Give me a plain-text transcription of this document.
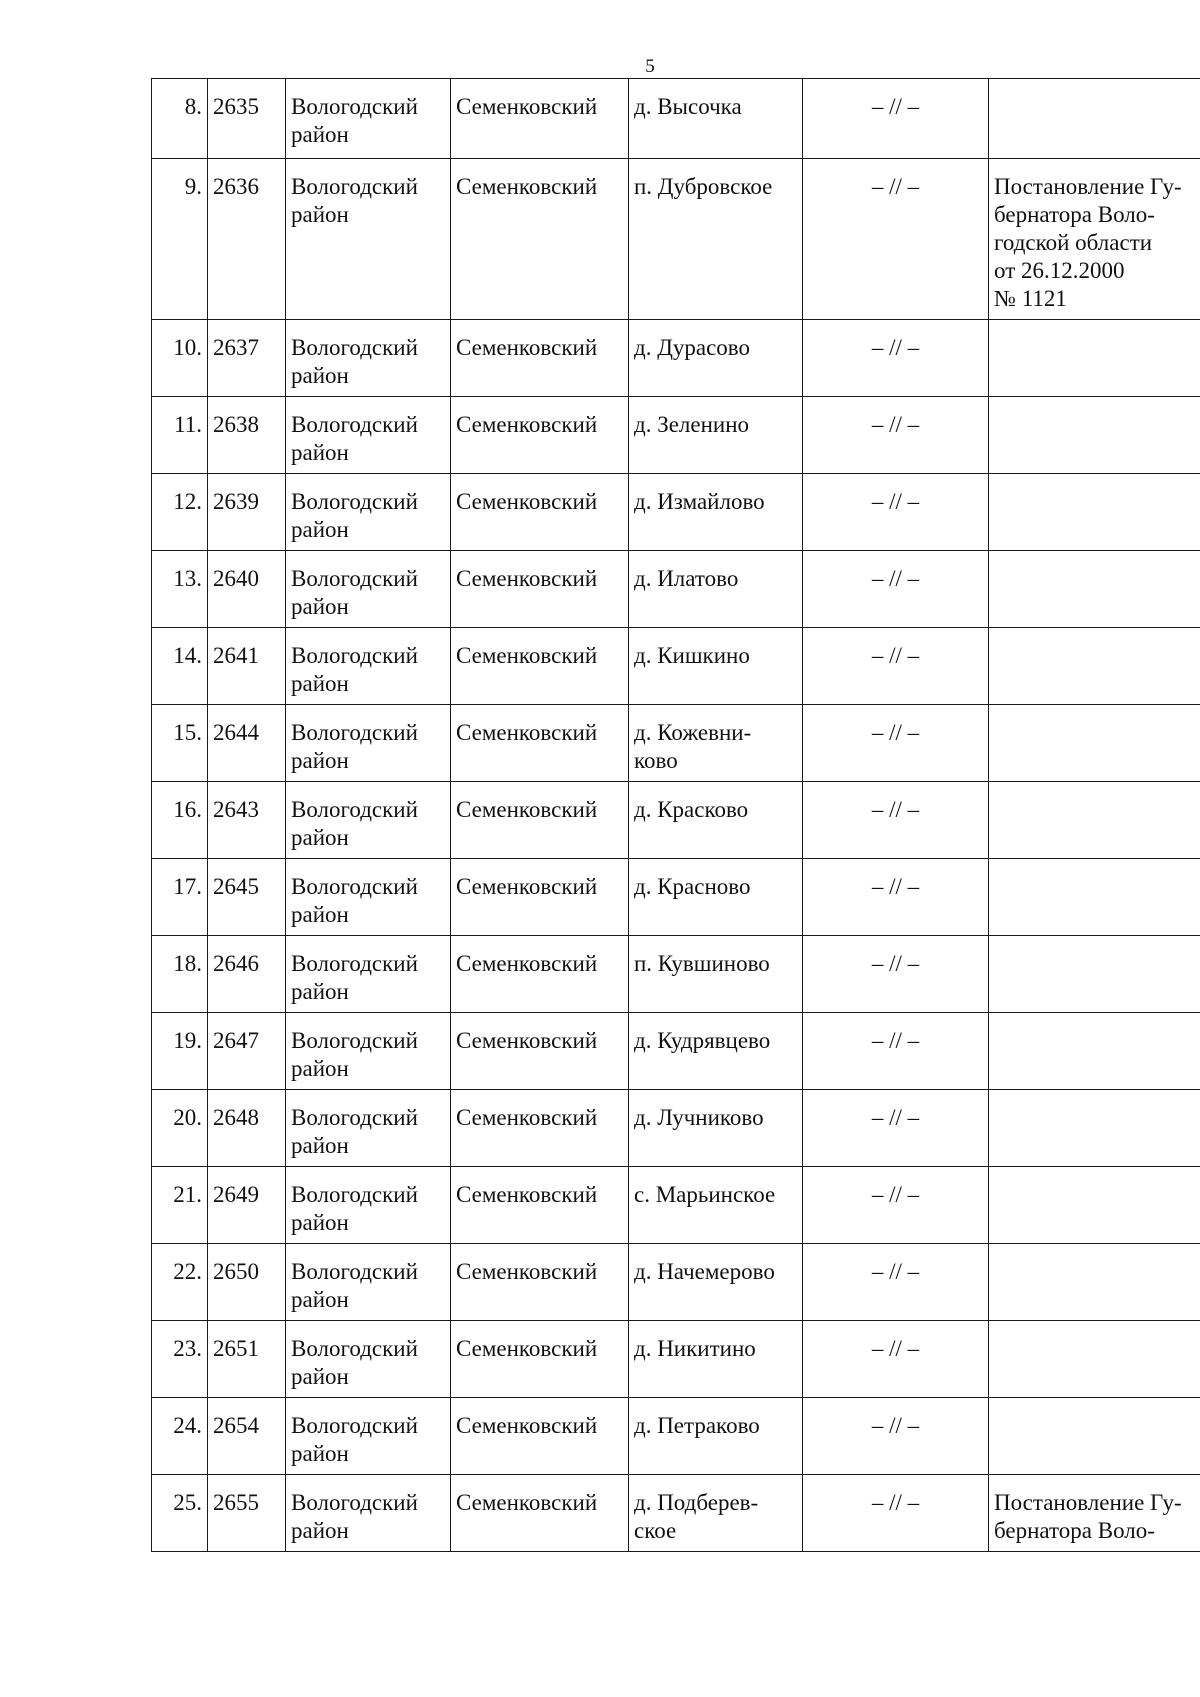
5
8.	2635	Вологодский
район	Семенковский	д. Высочка	– // –	

9.	2636	Вологодский
район	Семенковский	п. Дубровское	– // –	Постановление Гу-
бернатора Воло-
годской области
от 26.12.2000
№ 1121

10.	2637	Вологодский
район	Семенковский	д. Дурасово	– // –	

11.	2638	Вологодский
район	Семенковский	д. Зеленино	– // –	

12.	2639	Вологодский
район	Семенковский	д. Измайлово	– // –	

13.	2640	Вологодский
район	Семенковский	д. Илатово	– // –	

14.	2641	Вологодский
район	Семенковский	д. Кишкино	– // –	

15.	2644	Вологодский
район	Семенковский	д. Кожевни-
ково	– // –	

16.	2643	Вологодский
район	Семенковский	д. Красково	– // –	

17.	2645	Вологодский
район	Семенковский	д. Красново	– // –	

18.	2646	Вологодский
район	Семенковский	п. Кувшиново	– // –	

19.	2647	Вологодский
район	Семенковский	д. Кудрявцево	– // –	

20.	2648	Вологодский
район	Семенковский	д. Лучниково	– // –	

21.	2649	Вологодский
район	Семенковский	с. Марьинское	– // –	

22.	2650	Вологодский
район	Семенковский	д. Начемерово	– // –	

23.	2651	Вологодский
район	Семенковский	д. Никитино	– // –	

24.	2654	Вологодский
район	Семенковский	д. Петраково	– // –	

25.	2655	Вологодский
район	Семенковский	д. Подберев-
ское	– // –	Постановление Гу-
бернатора Воло-
